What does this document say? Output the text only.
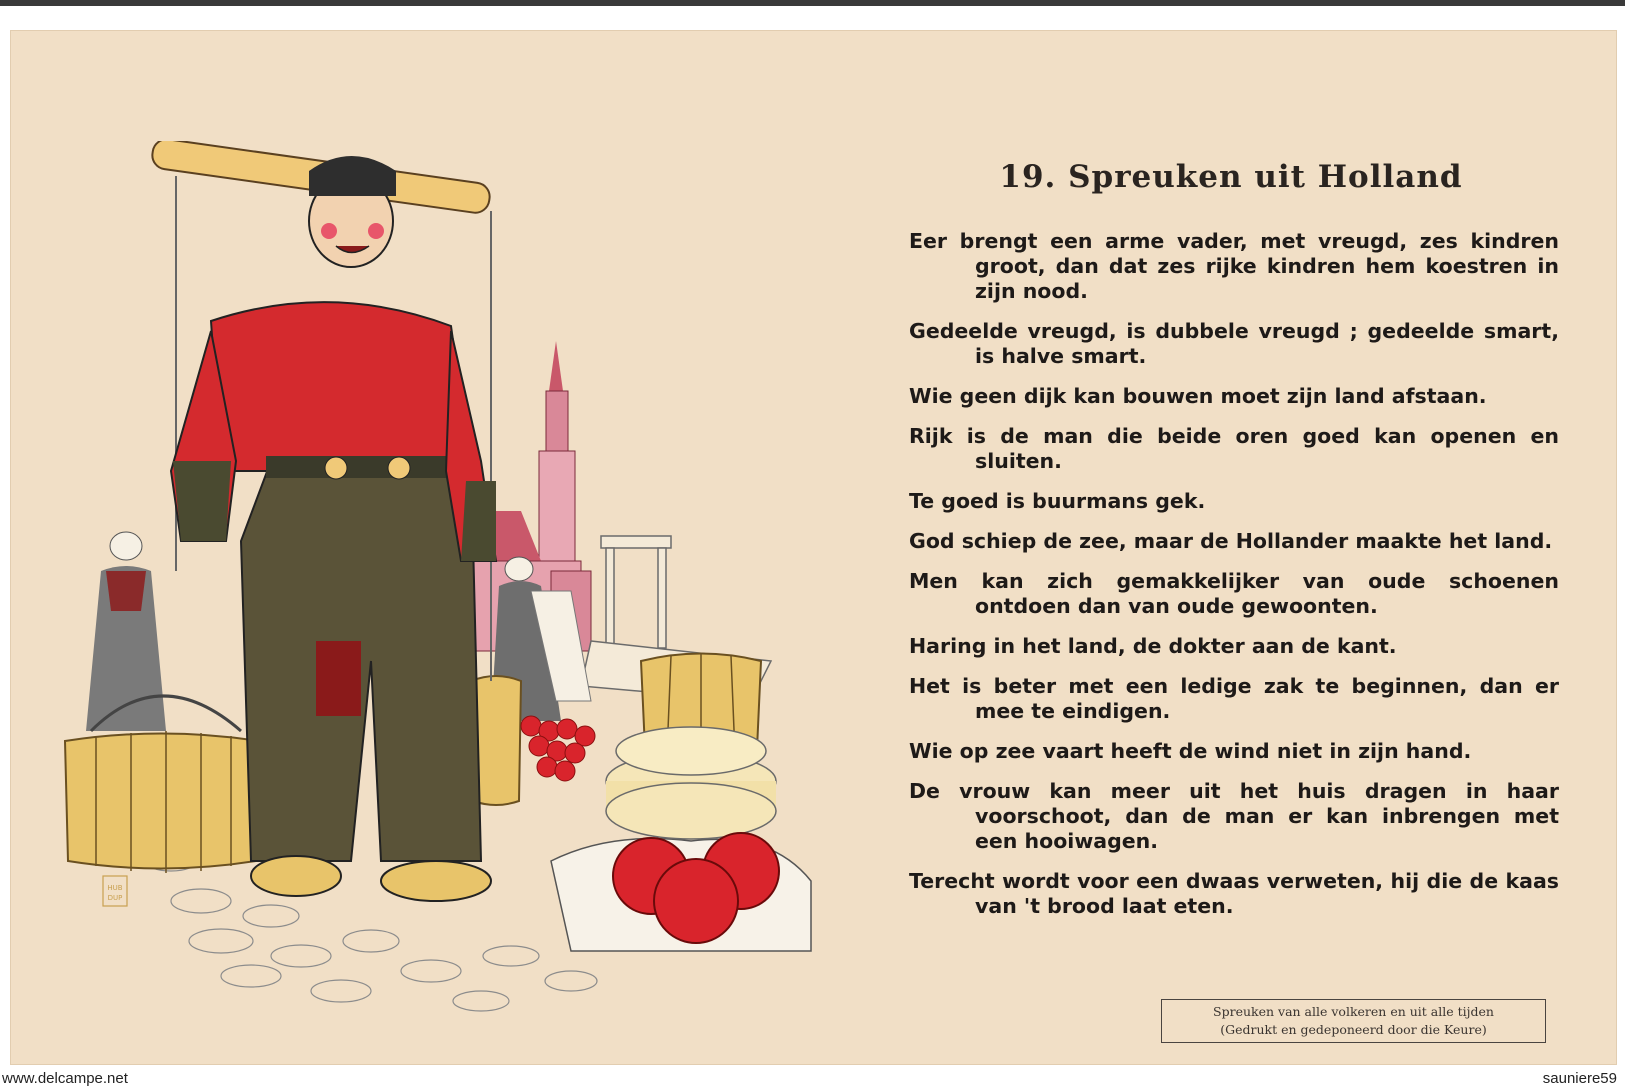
HUB
DUP
19. Spreuken uit Holland
Eer brengt een arme vader, met vreugd, zes kindren groot, dan dat zes rijke kindren hem koestren in zijn nood.
Gedeelde vreugd, is dubbele vreugd ; gedeelde smart, is halve smart.
Wie geen dijk kan bouwen moet zijn land afstaan.
Rijk is de man die beide oren goed kan openen en sluiten.
Te goed is buurmans gek.
God schiep de zee, maar de Hollander maakte het land.
Men kan zich gemakkelijker van oude schoenen ontdoen dan van oude gewoonten.
Haring in het land, de dokter aan de kant.
Het is beter met een ledige zak te beginnen, dan er mee te eindigen.
Wie op zee vaart heeft de wind niet in zijn hand.
De vrouw kan meer uit het huis dragen in haar voorschoot, dan de man er kan inbrengen met een hooiwagen.
Terecht wordt voor een dwaas verweten, hij die de kaas van 't brood laat eten.
Spreuken van alle volkeren en uit alle tijden
(Gedrukt en gedeponeerd door die Keure)
www.delcampe.net	sauniere59
